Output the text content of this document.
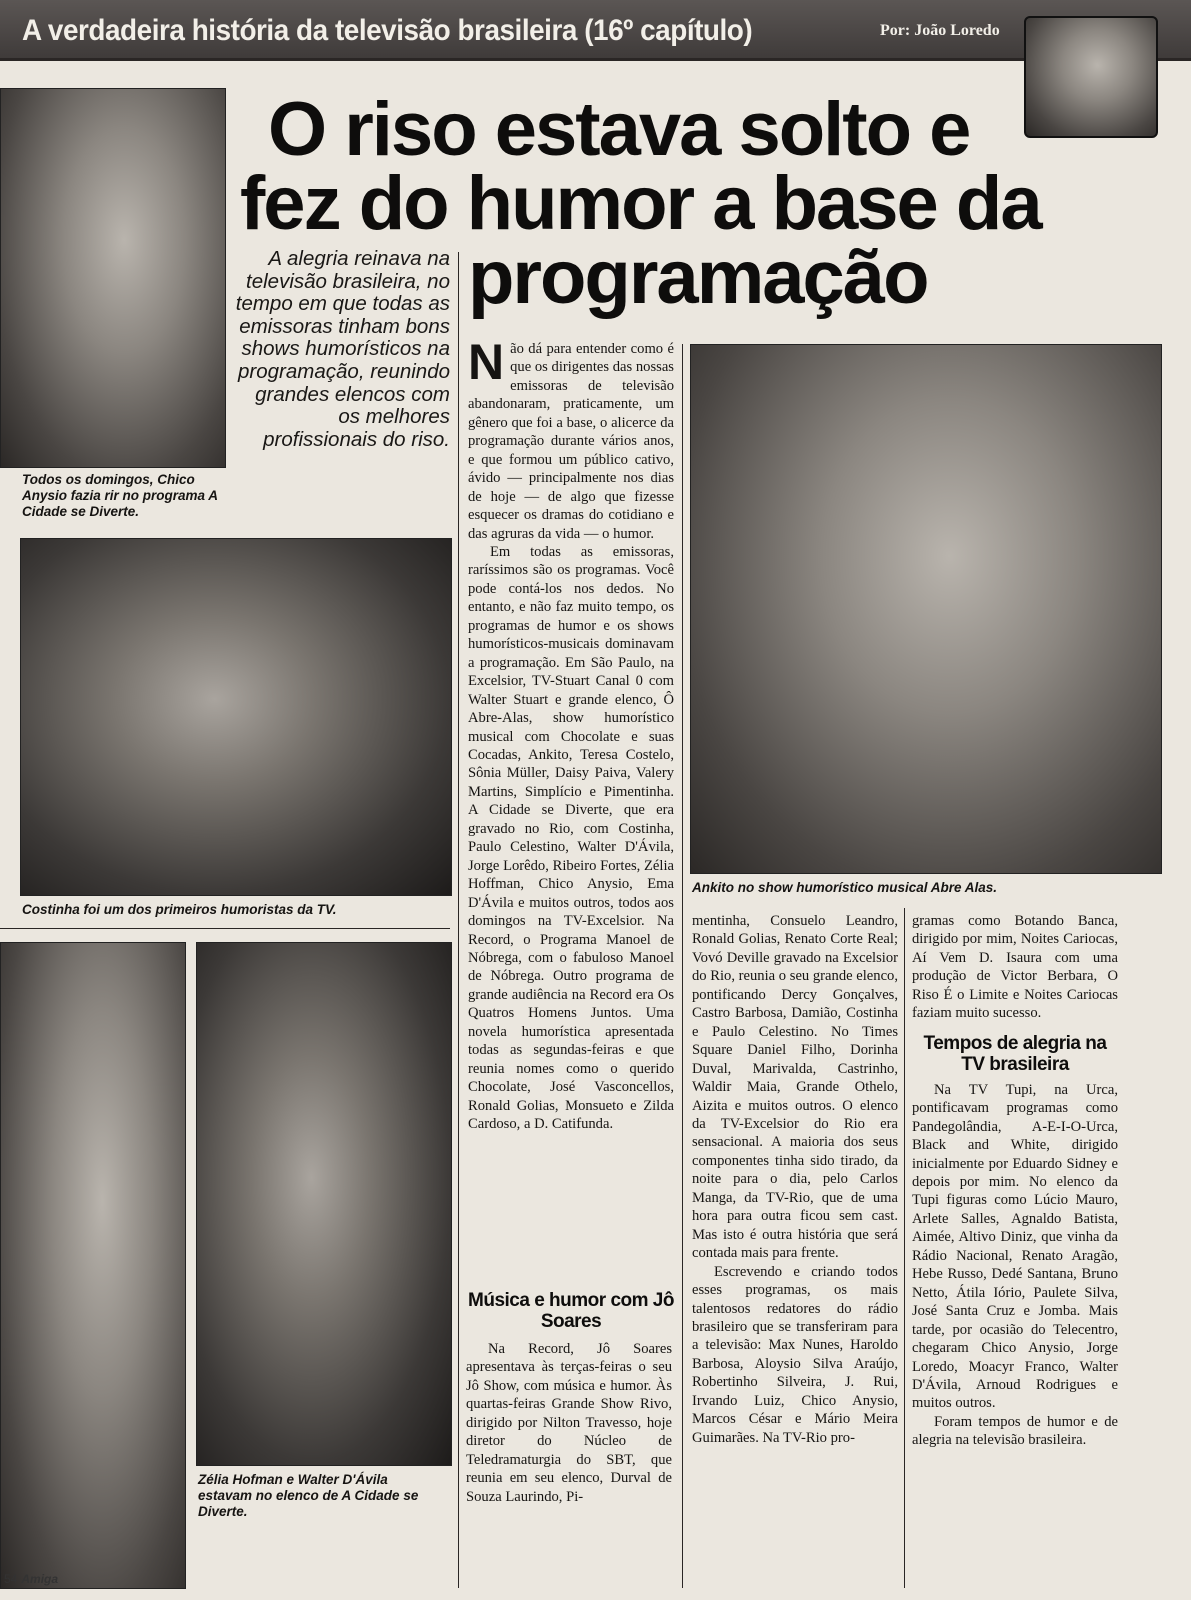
A verdadeira história da televisão brasileira (16º capítulo)	Por: João Loredo
O riso estava solto e
fez do humor a base da
programação
Todos os domingos, Chico Anysio fazia rir no programa A Cidade se Diverte.
A alegria reinava na televisão brasileira, no tempo em que todas as emissoras tinham bons shows humorísticos na programação, reunindo grandes elencos com os melhores profissionais do riso.
Costinha foi um dos primeiros humoristas da TV.
Zélia Hofman e Walter D'Ávila estavam no elenco de A Cidade se Diverte.
Ankito no show humorístico musical Abre Alas.

Não dá para entender como é que os dirigentes das nossas emissoras de televisão abandonaram, praticamente, um gênero que foi a base, o alicerce da programação durante vários anos, e que formou um público cativo, ávido — principalmente nos dias de hoje — de algo que fizesse esquecer os dramas do cotidiano e das agruras da vida — o humor.

Em todas as emissoras, raríssimos são os programas. Você pode contá-los nos dedos. No entanto, e não faz muito tempo, os programas de humor e os shows humorísticos-musicais dominavam a programação. Em São Paulo, na Excelsior, TV-Stuart Canal 0 com Walter Stuart e grande elenco, Ô Abre-Alas, show humorístico musical com Chocolate e suas Cocadas, Ankito, Teresa Costelo, Sônia Müller, Daisy Paiva, Valery Martins, Simplício e Pimentinha. A Cidade se Diverte, que era gravado no Rio, com Costinha, Paulo Celestino, Walter D'Ávila, Jorge Lorêdo, Ribeiro Fortes, Zélia Hoffman, Chico Anysio, Ema D'Ávila e muitos outros, todos aos domingos na TV-Excelsior. Na Record, o Programa Manoel de Nóbrega, com o fabuloso Manoel de Nóbrega. Outro programa de grande audiência na Record era Os Quatros Homens Juntos. Uma novela humorística apresentada todas as segundas-feiras e que reunia nomes como o querido Chocolate, José Vasconcellos, Ronald Golias, Monsueto e Zilda Cardoso, a D. Catifunda.

mentinha, Consuelo Leandro, Ronald Golias, Renato Corte Real; Vovó Deville gravado na Excelsior do Rio, reunia o seu grande elenco, pontificando Dercy Gonçalves, Castro Barbosa, Damião, Costinha e Paulo Celestino. No Times Square Daniel Filho, Dorinha Duval, Marivalda, Castrinho, Waldir Maia, Grande Othelo, Aizita e muitos outros. O elenco da TV-Excelsior do Rio era sensacional. A maioria dos seus componentes tinha sido tirado, da noite para o dia, pelo Carlos Manga, da TV-Rio, que de uma hora para outra ficou sem cast. Mas isto é outra história que será contada mais para frente.

Escrevendo e criando todos esses programas, os mais talentosos redatores do rádio brasileiro que se transferiram para a televisão: Max Nunes, Haroldo Barbosa, Aloysio Silva Araújo, Robertinho Silveira, J. Rui, Irvando Luiz, Chico Anysio, Marcos César e Mário Meira Guimarães. Na TV-Rio pro-

gramas como Botando Banca, dirigido por mim, Noites Cariocas, Aí Vem D. Isaura com uma produção de Victor Berbara, O Riso É o Limite e Noites Cariocas faziam muito sucesso.

Tempos de alegria na TV brasileira

Na TV Tupi, na Urca, pontificavam programas como Pandegolândia, A-E-I-O-Urca, Black and White, dirigido inicialmente por Eduardo Sidney e depois por mim. No elenco da Tupi figuras como Lúcio Mauro, Arlete Salles, Agnaldo Batista, Aimée, Altivo Diniz, que vinha da Rádio Nacional, Renato Aragão, Hebe Russo, Dedé Santana, Bruno Netto, Átila Iório, Paulete Silva, José Santa Cruz e Jomba. Mais tarde, por ocasião do Telecentro, chegaram Chico Anysio, Jorge Loredo, Moacyr Franco, Walter D'Ávila, Arnoud Rodrigues e muitos outros.

Foram tempos de humor e de alegria na televisão brasileira.

Música e humor com Jô Soares

Na Record, Jô Soares apresentava às terças-feiras o seu Jô Show, com música e humor. Às quartas-feiras Grande Show Rivo, dirigido por Nilton Travesso, hoje diretor do Núcleo de Teledramaturgia do SBT, que reunia em seu elenco, Durval de Souza Laurindo, Pi-

54 Amiga
